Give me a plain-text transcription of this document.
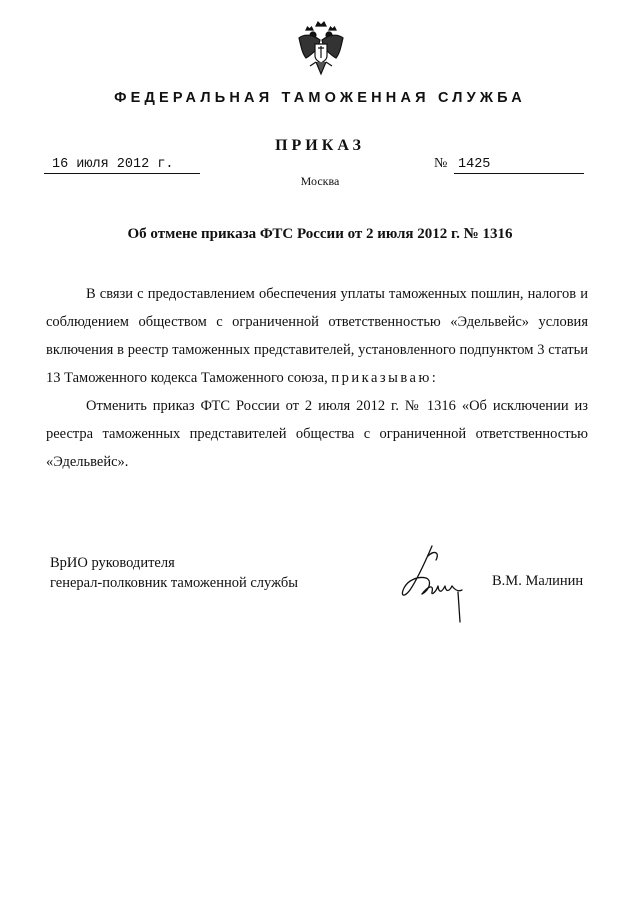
ФЕДЕРАЛЬНАЯ ТАМОЖЕННАЯ СЛУЖБА
ПРИКАЗ
16 июля 2012 г.	№ 1425
Москва
Об отмене приказа ФТС России от 2 июля 2012 г. № 1316

В связи с предоставлением обеспечения уплаты таможенных пошлин, налогов и соблюдением обществом с ограниченной ответственностью «Эдельвейс» условия включения в реестр таможенных представителей, установленного подпунктом 3 статьи 13 Таможенного кодекса Таможенного союза, приказываю:

Отменить приказ ФТС России от 2 июля 2012 г. № 1316 «Об исключении из реестра таможенных представителей общества с ограниченной ответственностью «Эдельвейс».

ВрИО руководителя
генерал-полковник таможенной службы	В.М. Малинин
